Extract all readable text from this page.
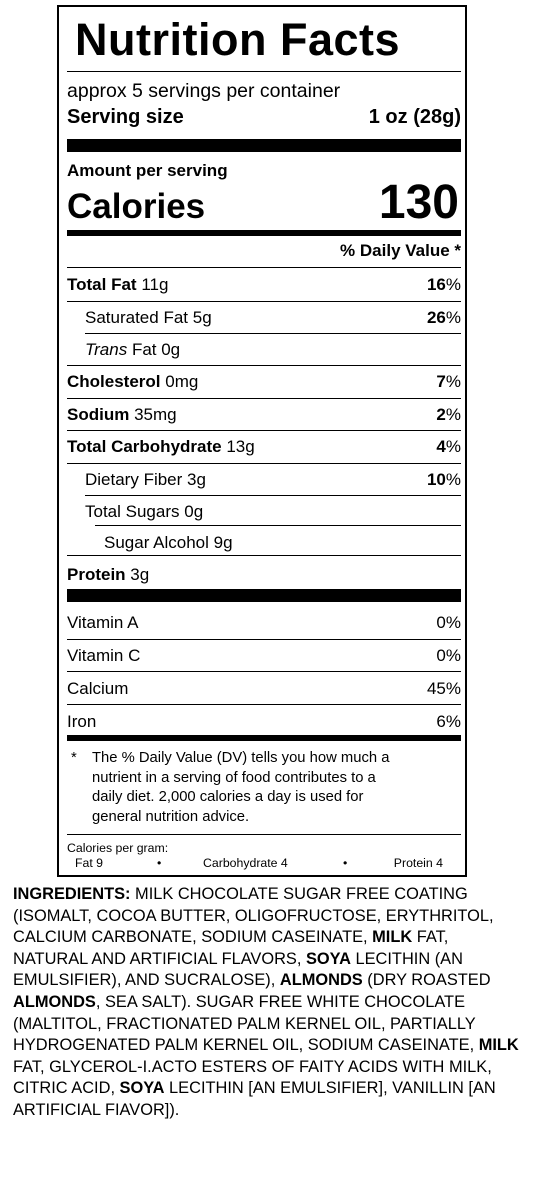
Nutrition Facts
approx 5 servings per container
Serving size	1 oz (28g)
Amount per serving
Calories	130
% Daily Value *
Total Fat 11g	16%
Saturated Fat 5g	26%
Trans Fat 0g
Cholesterol 0mg	7%
Sodium 35mg	2%
Total Carbohydrate 13g	4%
Dietary Fiber 3g	10%
Total Sugars 0g
Sugar Alcohol 9g
Protein 3g
Vitamin A	0%
Vitamin C	0%
Calcium	45%
Iron	6%
* The % Daily Value (DV) tells you how much a
nutrient in a serving of food contributes to a
daily diet. 2,000 calories a day is used for
general nutrition advice.
Calories per gram:
Fat 9	•	Carbohydrate 4	•	Protein 4
INGREDIENTS: MILK CHOCOLATE SUGAR FREE COATING (ISOMALT, COCOA BUTTER, OLIGOFRUCTOSE, ERYTHRITOL, CALCIUM CARBONATE, SODIUM CASEINATE, MILK FAT, NATURAL AND ARTIFICIAL FLAVORS, SOYA LECITHIN (AN EMULSIFIER), AND SUCRALOSE), ALMONDS (DRY ROASTED ALMONDS, SEA SALT). SUGAR FREE WHITE CHOCOLATE (MALTITOL, FRACTIONATED PALM KERNEL OIL, PARTIALLY HYDROGENATED PALM KERNEL OIL, SODIUM CASEINATE, MILK FAT, GLYCEROL-I.ACTO ESTERS OF FAITY ACIDS WITH MILK, CITRIC ACID, SOYA LECITHIN [AN EMULSIFIER], VANILLIN [AN ARTIFICIAL FIAVOR]).
